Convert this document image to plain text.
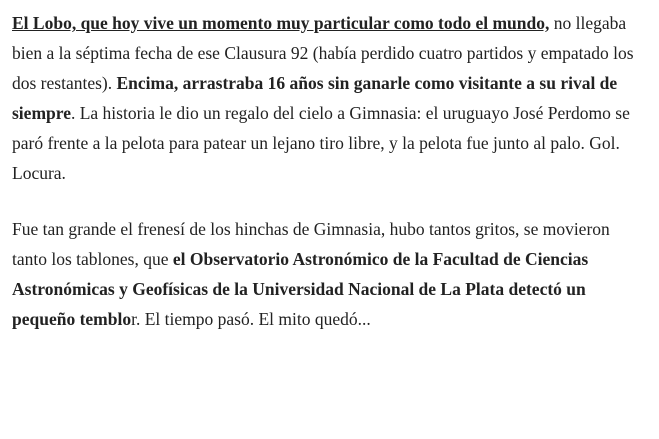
El Lobo, que hoy vive un momento muy particular como todo el mundo, no llegaba bien a la séptima fecha de ese Clausura 92 (había perdido cuatro partidos y empatado los dos restantes). Encima, arrastraba 16 años sin ganarle como visitante a su rival de siempre. La historia le dio un regalo del cielo a Gimnasia: el uruguayo José Perdomo se paró frente a la pelota para patear un lejano tiro libre, y la pelota fue junto al palo. Gol. Locura.

Fue tan grande el frenesí de los hinchas de Gimnasia, hubo tantos gritos, se movieron tanto los tablones, que el Observatorio Astronómico de la Facultad de Ciencias Astronómicas y Geofísicas de la Universidad Nacional de La Plata detectó un pequeño temblor. El tiempo pasó. El mito quedó...
